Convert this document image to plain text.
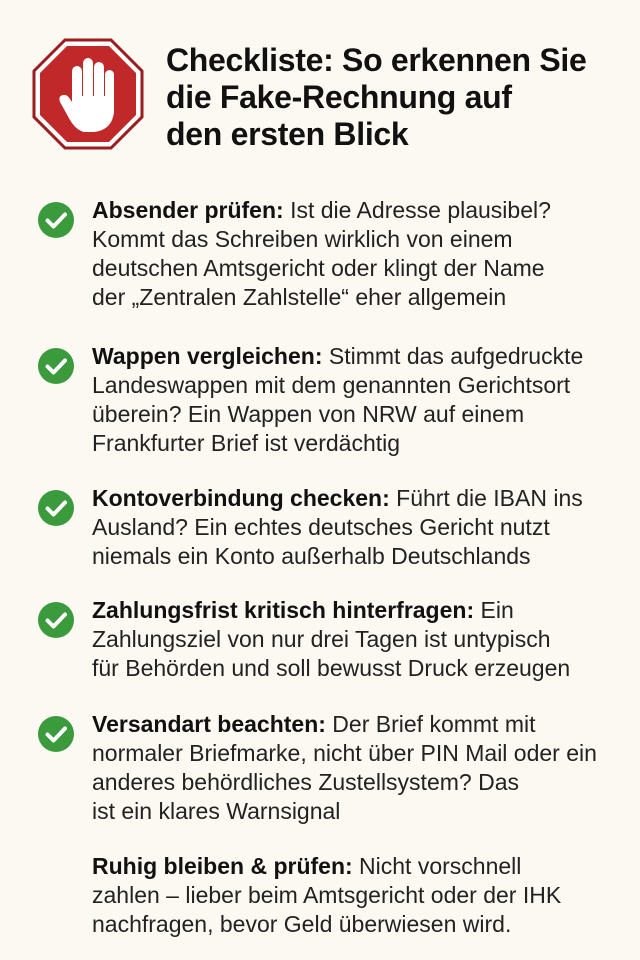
Checkliste: So erkennen Sie
die Fake-Rechnung auf
den ersten Blick
Absender prüfen: Ist die Adresse plausibel?
Kommt das Schreiben wirklich von einem
deutschen Amtsgericht oder klingt der Name
der „Zentralen Zahlstelle“ eher allgemein
Wappen vergleichen: Stimmt das aufgedruckte
Landeswappen mit dem genannten Gerichtsort
überein? Ein Wappen von NRW auf einem
Frankfurter Brief ist verdächtig
Kontoverbindung checken: Führt die IBAN ins
Ausland? Ein echtes deutsches Gericht nutzt
niemals ein Konto außerhalb Deutschlands
Zahlungsfrist kritisch hinterfragen: Ein
Zahlungsziel von nur drei Tagen ist untypisch
für Behörden und soll bewusst Druck erzeugen
Versandart beachten: Der Brief kommt mit
normaler Briefmarke, nicht über PIN Mail oder ein
anderes behördliches Zustellsystem? Das
ist ein klares Warnsignal
Ruhig bleiben & prüfen: Nicht vorschnell
zahlen – lieber beim Amtsgericht oder der IHK
nachfragen, bevor Geld überwiesen wird.
